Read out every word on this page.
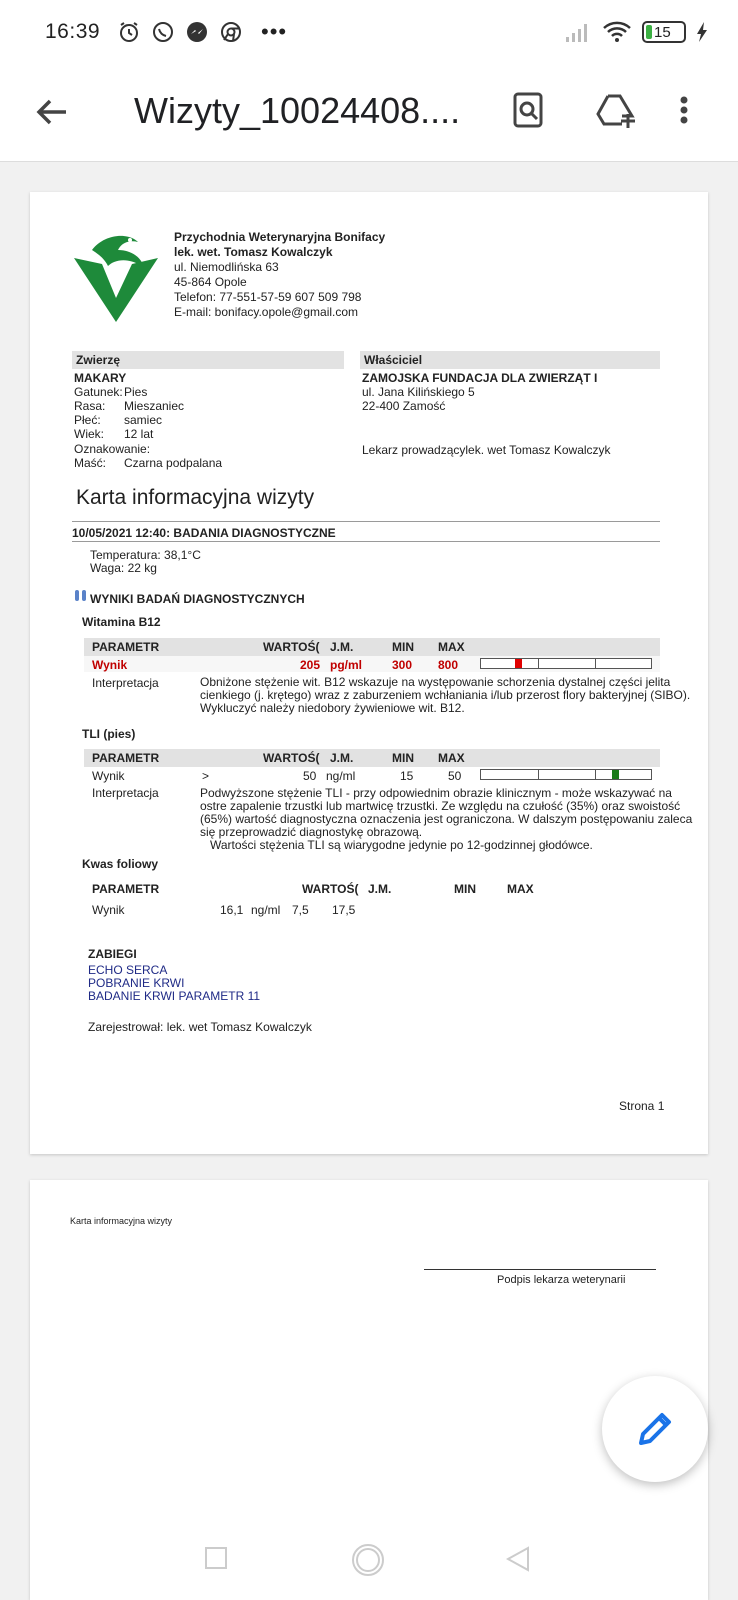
16:39	•••	15
Wizyty_10024408....
Przychodnia Weterynaryjna Bonifacy
lek. wet. Tomasz Kowalczyk
ul. Niemodlińska 63
45-864 Opole
Telefon: 77-551-57-59 607 509 798
E-mail: bonifacy.opole@gmail.com
Zwierzę	Właściciel
MAKARY
Gatunek: Pies
Rasa: Mieszaniec
Płeć: samiec
Wiek: 12 lat
Oznakowanie:
Maść: Czarna podpalana
ZAMOJSKA FUNDACJA DLA ZWIERZĄT I
ul. Jana Kilińskiego 5
22-400 Zamość
Lekarz prowadzącylek. wet Tomasz Kowalczyk
Karta informacyjna wizyty
10/05/2021 12:40: BADANIA DIAGNOSTYCZNE
Temperatura: 38,1°C
Waga: 22 kg
WYNIKI BADAŃ DIAGNOSTYCZNYCH
Witamina B12
PARAMETR	WARTOŚ( J.M.	MIN MAX
Wynik	205 pg/ml	300 800
Interpretacja	Obniżone stężenie wit. B12 wskazuje na występowanie schorzenia dystalnej części jelita
cienkiego (j. krętego) wraz z zaburzeniem wchłaniania i/lub przerost flory bakteryjnej (SIBO).
Wykluczyć należy niedobory żywieniowe wit. B12.
TLI (pies)
PARAMETR	WARTOŚ( J.M.	MIN MAX
Wynik	>	50 ng/ml	15	50
Interpretacja	Podwyższone stężenie TLI - przy odpowiednim obrazie klinicznym - może wskazywać na
ostre zapalenie trzustki lub martwicę trzustki. Ze względu na czułość (35%) oraz swoistość
(65%) wartość diagnostyczna oznaczenia jest ograniczona. W dalszym postępowaniu zaleca
się przeprowadzić diagnostykę obrazową.
Wartości stężenia TLI są wiarygodne jedynie po 12-godzinnej głodówce.
Kwas foliowy
PARAMETR	WARTOŚ( J.M.	MIN	MAX
Wynik	16,1 ng/ml 7,5 17,5
ZABIEGI
ECHO SERCA
POBRANIE KRWI
BADANIE KRWI PARAMETR 11
Zarejestrował: lek. wet Tomasz Kowalczyk
Strona 1
Karta informacyjna wizyty
Podpis lekarza weterynarii
